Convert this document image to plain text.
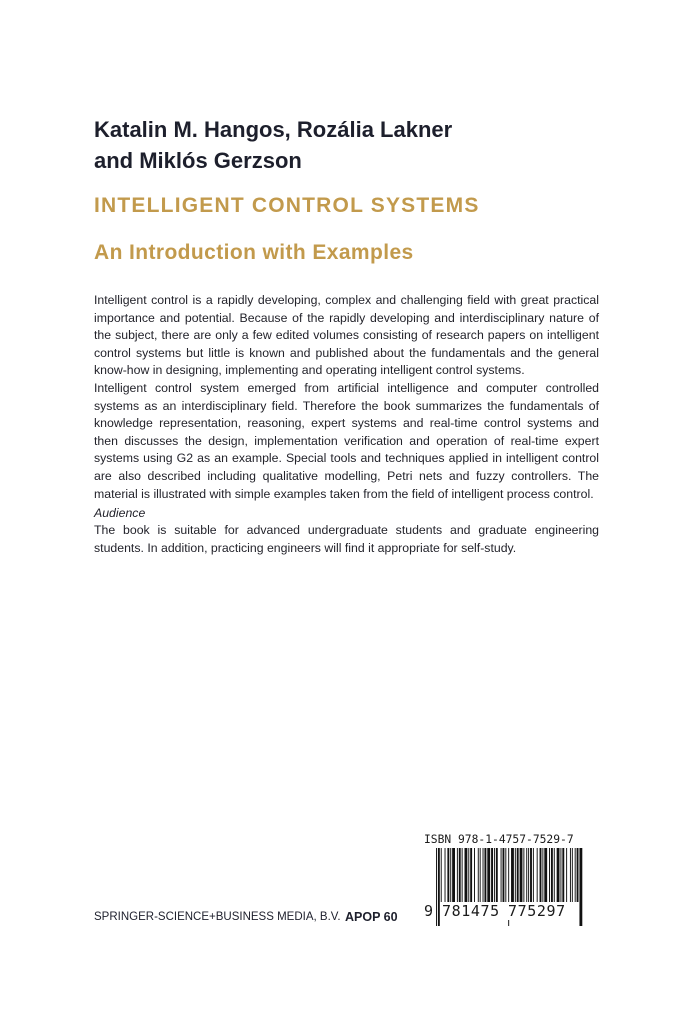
Katalin M. Hangos, Rozália Lakner
and Miklós Gerzson
INTELLIGENT CONTROL SYSTEMS
An Introduction with Examples

Intelligent control is a rapidly developing, complex and challenging field with great practical importance and potential. Because of the rapidly developing and interdisciplinary nature of the subject, there are only a few edited volumes consisting of research papers on intelligent control systems but little is known and published about the fundamentals and the general know-how in designing, implementing and operating intelligent control systems.

Intelligent control system emerged from artificial intelligence and computer controlled systems as an interdisciplinary field. Therefore the book summarizes the fundamentals of knowledge representation, reasoning, expert systems and real-time control systems and then discusses the design, implementation verification and operation of real-time expert systems using G2 as an example. Special tools and techniques applied in intelligent control are also described including qualitative modelling, Petri nets and fuzzy controllers. The material is illustrated with simple examples taken from the field of intelligent process control.

Audience
The book is suitable for advanced undergraduate students and graduate engineering students. In addition, practicing engineers will find it appropriate for self-study.
ISBN 978-1-4757-7529-7
9 781475 775297
SPRINGER-SCIENCE+BUSINESS MEDIA, B.V. APOP 60
